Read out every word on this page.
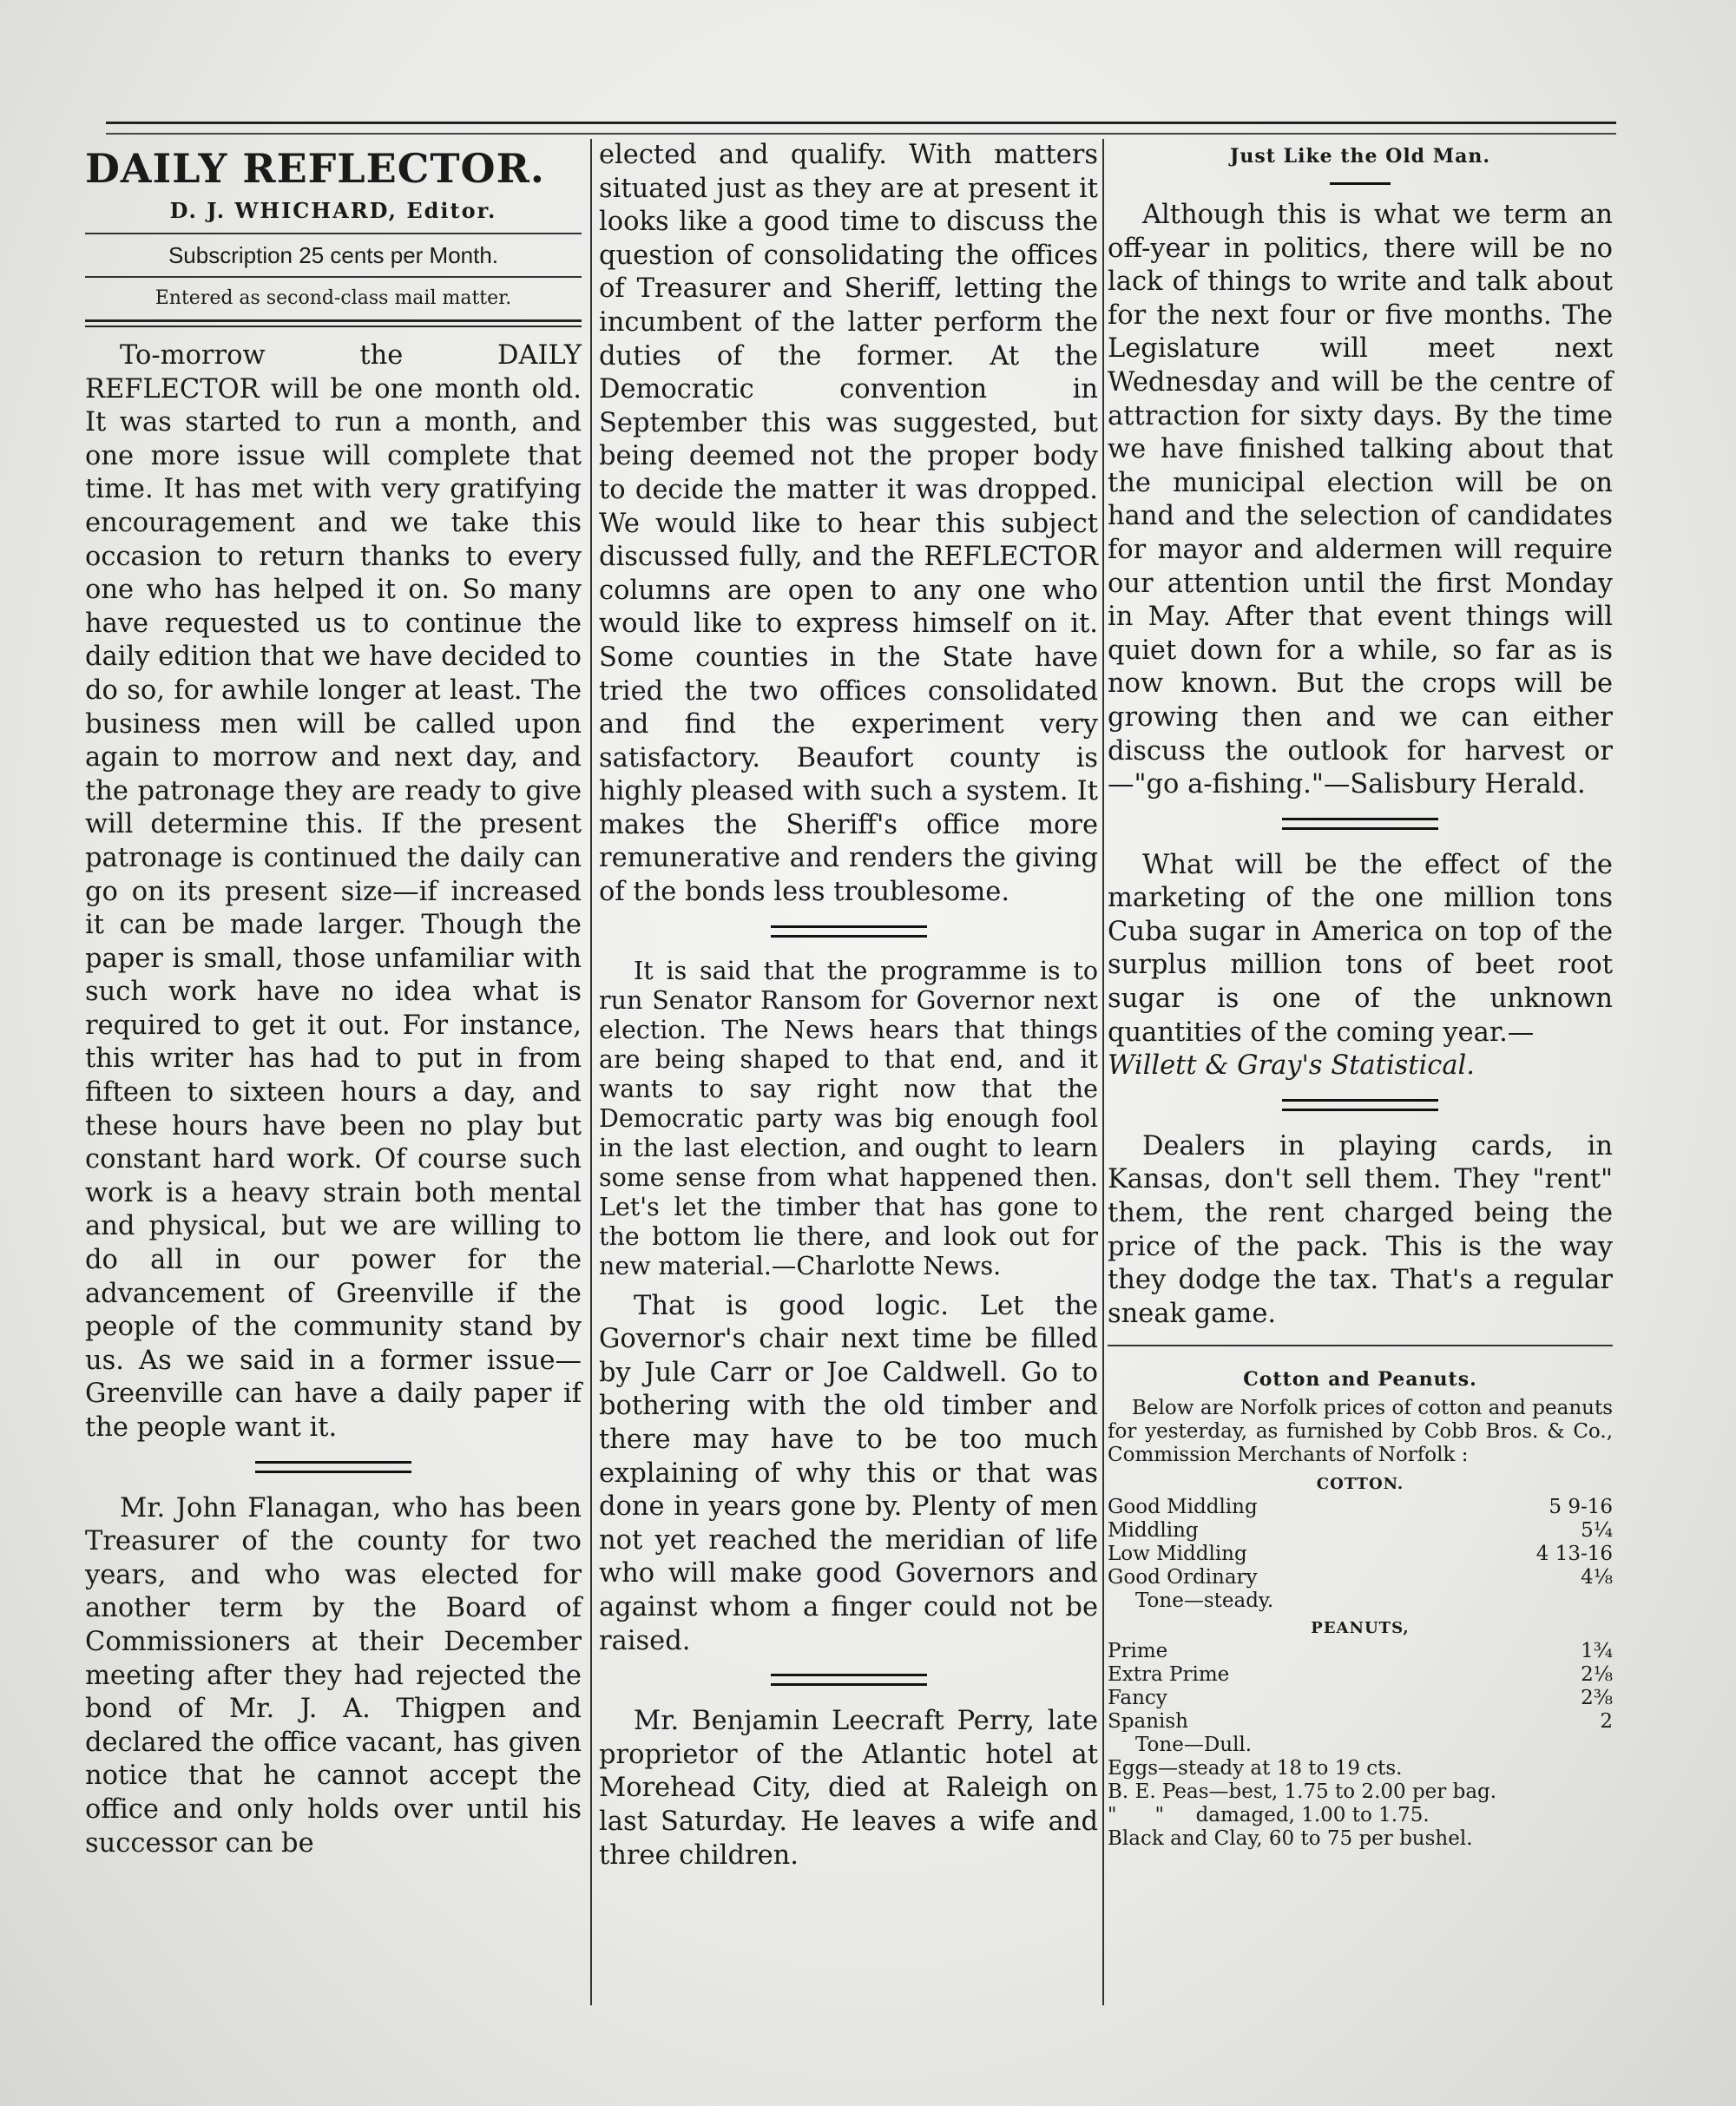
DAILY REFLECTOR.
D. J. WHICHARD, Editor.
Subscription 25 cents per Month.
Entered as second-class mail matter.

To-morrow the DAILY REFLECTOR will be one month old. It was started to run a month, and one more issue will complete that time. It has met with very gratifying encouragement and we take this occasion to return thanks to every one who has helped it on. So many have requested us to continue the daily edition that we have decided to do so, for awhile longer at least. The business men will be called upon again to morrow and next day, and the patronage they are ready to give will determine this. If the present patronage is continued the daily can go on its present size—if increased it can be made larger. Though the paper is small, those unfamiliar with such work have no idea what is required to get it out. For instance, this writer has had to put in from fifteen to sixteen hours a day, and these hours have been no play but constant hard work. Of course such work is a heavy strain both mental and physical, but we are willing to do all in our power for the advancement of Greenville if the people of the community stand by us. As we said in a former issue—Greenville can have a daily paper if the people want it.

Mr. John Flanagan, who has been Treasurer of the county for two years, and who was elected for another term by the Board of Commissioners at their December meeting after they had rejected the bond of Mr. J. A. Thigpen and declared the office vacant, has given notice that he cannot accept the office and only holds over until his successor can be

elected and qualify. With matters situated just as they are at present it looks like a good time to discuss the question of consolidating the offices of Treasurer and Sheriff, letting the incumbent of the latter perform the duties of the former. At the Democratic convention in September this was suggested, but being deemed not the proper body to decide the matter it was dropped. We would like to hear this subject discussed fully, and the REFLECTOR columns are open to any one who would like to express himself on it. Some counties in the State have tried the two offices consolidated and find the experiment very satisfactory. Beaufort county is highly pleased with such a system. It makes the Sheriff's office more remunerative and renders the giving of the bonds less troublesome.

It is said that the programme is to run Senator Ransom for Governor next election. The News hears that things are being shaped to that end, and it wants to say right now that the Democratic party was big enough fool in the last election, and ought to learn some sense from what happened then. Let's let the timber that has gone to the bottom lie there, and look out for new material.—Charlotte News.

That is good logic. Let the Governor's chair next time be filled by Jule Carr or Joe Caldwell. Go to bothering with the old timber and there may have to be too much explaining of why this or that was done in years gone by. Plenty of men not yet reached the meridian of life who will make good Governors and against whom a finger could not be raised.

Mr. Benjamin Leecraft Perry, late proprietor of the Atlantic hotel at Morehead City, died at Raleigh on last Saturday. He leaves a wife and three children.

Just Like the Old Man.

Although this is what we term an off-year in politics, there will be no lack of things to write and talk about for the next four or five months. The Legislature will meet next Wednesday and will be the centre of attraction for sixty days. By the time we have finished talking about that the municipal election will be on hand and the selection of candidates for mayor and aldermen will require our attention until the first Monday in May. After that event things will quiet down for a while, so far as is now known. But the crops will be growing then and we can either discuss the outlook for harvest or—"go a-fishing."—Salisbury Herald.

What will be the effect of the marketing of the one million tons Cuba sugar in America on top of the surplus million tons of beet root sugar is one of the unknown quantities of the coming year.—
Willett & Gray's Statistical.

Dealers in playing cards, in Kansas, don't sell them. They "rent" them, the rent charged being the price of the pack. This is the way they dodge the tax. That's a regular sneak game.

Cotton and Peanuts.

Below are Norfolk prices of cotton and peanuts for yesterday, as furnished by Cobb Bros. & Co., Commission Merchants of Norfolk :

COTTON.
Good Middling	5 9-16
Middling	5¼
Low Middling	4 13-16
Good Ordinary	4⅛
Tone—steady.
PEANUTS,
Prime	1¾
Extra Prime	2⅛
Fancy	2⅜
Spanish	2
Tone—Dull.
Eggs—steady at 18 to 19 cts.
B. E. Peas—best, 1.75 to 2.00 per bag.
"      "     damaged, 1.00 to 1.75.
Black and Clay, 60 to 75 per bushel.
